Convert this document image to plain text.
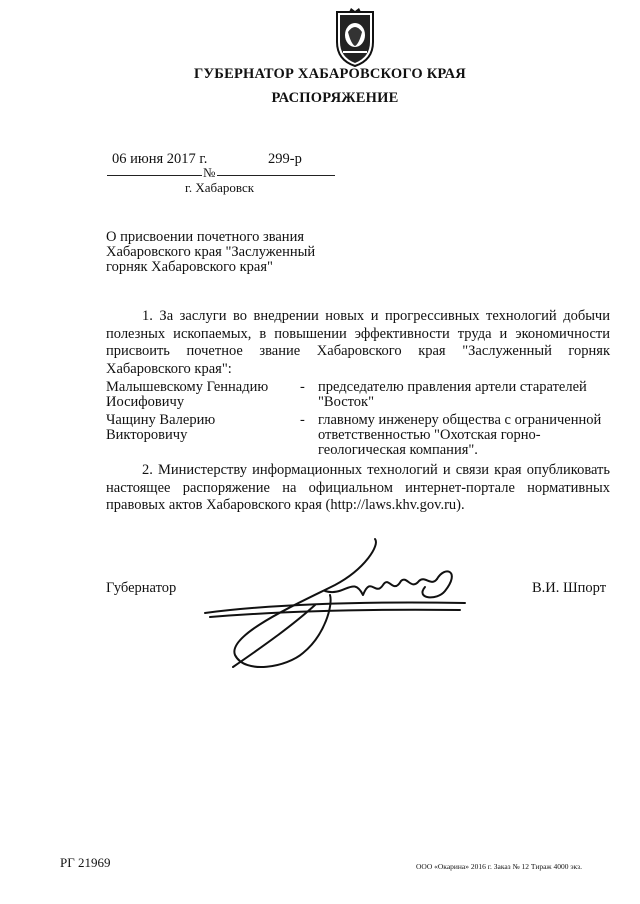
ГУБЕРНАТОР ХАБАРОВСКОГО КРАЯ
РАСПОРЯЖЕНИЕ
06 июня 2017 г.
№
299-р
г. Хабаровск
О присвоении почетного звания Хабаровского края "Заслуженный горняк Хабаровского края"
1. За заслуги во внедрении новых и прогрессивных технологий добычи полезных ископаемых, в повышении эффективности труда и экономичности присвоить почетное звание Хабаровского края "Заслуженный горняк Хабаровского края":
Малышевскому Геннадию
Иосифовичу
- председателю правления артели старателей "Восток"
Чащину Валерию
Викторовичу
- главному инженеру общества с ограниченной ответственностью "Охотская горно-геологическая компания".
2. Министерству информационных технологий и связи края опубликовать настоящее распоряжение на официальном интернет-портале нормативных правовых актов Хабаровского края (http://laws.khv.gov.ru).
Губернатор	В.И. Шпорт
РГ 21969	ООО «Окарина» 2016 г. Заказ № 12 Тираж 4000 экз.
